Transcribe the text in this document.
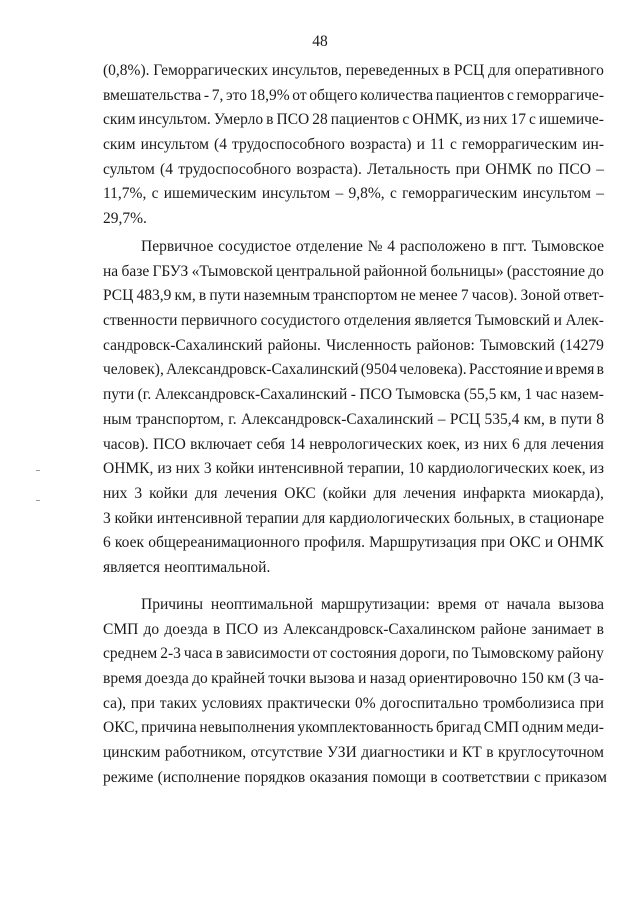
48
(0,8%). Геморрагических инсультов, переведенных в РСЦ для оперативного
вмешательства - 7, это 18,9% от общего количества пациентов с геморрагиче-
ским инсультом. Умерло в ПСО 28 пациентов с ОНМК, из них 17 с ишемиче-
ским инсультом (4 трудоспособного возраста) и 11 с геморрагическим ин-
сультом (4 трудоспособного возраста). Летальность при ОНМК по ПСО –
11,7%, с ишемическим инсультом – 9,8%, с геморрагическим инсультом –
29,7%.
Первичное сосудистое отделение № 4 расположено в пгт. Тымовское
на базе ГБУЗ «Тымовской центральной районной больницы» (расстояние до
РСЦ 483,9 км, в пути наземным транспортом не менее 7 часов). Зоной ответ-
ственности первичного сосудистого отделения является Тымовский и Алек-
сандровск-Сахалинский районы. Численность районов: Тымовский (14279
человек), Александровск-Сахалинский (9504 человека). Расстояние и время в
пути (г. Александровск-Сахалинский - ПСО Тымовска (55,5 км, 1 час назем-
ным транспортом, г. Александровск-Сахалинский – РСЦ 535,4 км, в пути 8
часов). ПСО включает себя 14 неврологических коек, из них 6 для лечения
ОНМК, из них 3 койки интенсивной терапии, 10 кардиологических коек, из
них 3 койки для лечения ОКС (койки для лечения инфаркта миокарда),
3 койки интенсивной терапии для кардиологических больных, в стационаре
6 коек общереанимационного профиля. Маршрутизация при ОКС и ОНМК
является неоптимальной.
Причины неоптимальной маршрутизации: время от начала вызова
СМП до доезда в ПСО из Александровск-Сахалинском районе занимает в
среднем 2-3 часа в зависимости от состояния дороги, по Тымовскому району
время доезда до крайней точки вызова и назад ориентировочно 150 км (3 ча-
са), при таких условиях практически 0% догоспитально тромболизиса при
ОКС, причина невыполнения укомплектованность бригад СМП одним меди-
цинским работником, отсутствие УЗИ диагностики и КТ в круглосуточном
режиме (исполнение порядков оказания помощи в соответствии с приказом
